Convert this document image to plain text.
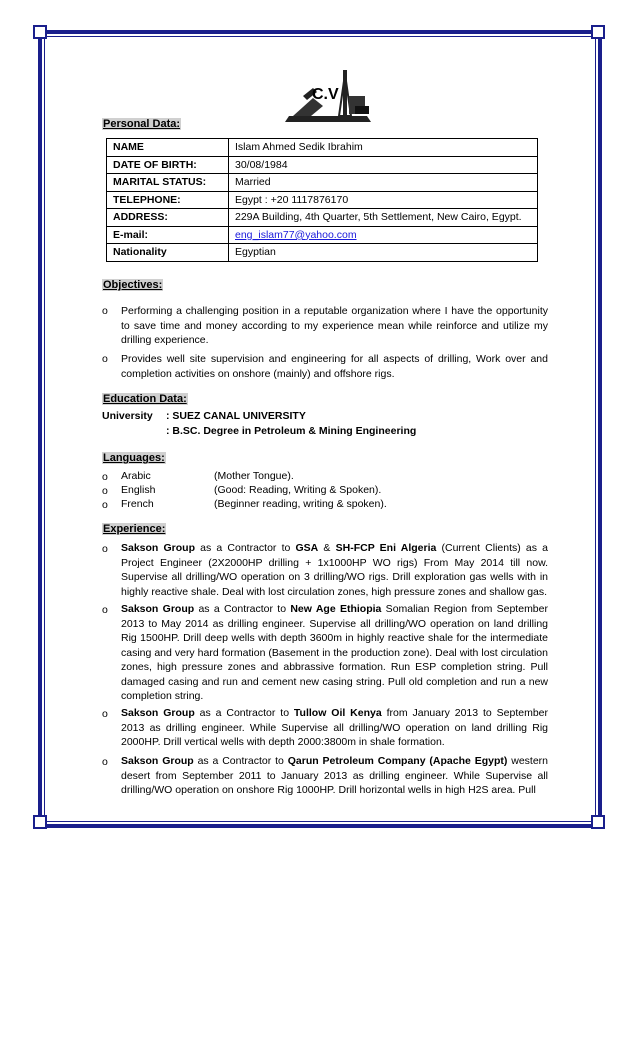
C.V
Personal Data:
NAME	Islam Ahmed Sedik Ibrahim
DATE OF BIRTH:	30/08/1984
MARITAL STATUS:	Married
TELEPHONE:	Egypt : +20 1117876170
ADDRESS:	229A Building, 4th Quarter, 5th Settlement, New Cairo, Egypt.
E-mail:	eng_islam77@yahoo.com
Nationality	Egyptian
Objectives:
o Performing a challenging position in a reputable organization where I have the opportunity to save time and money according to my experience mean while reinforce and utilize my drilling experience.
o Provides well site supervision and engineering for all aspects of drilling, Work over and completion activities on onshore (mainly) and offshore rigs.
Education Data:
University : SUEZ CANAL UNIVERSITY
: B.SC. Degree in Petroleum & Mining Engineering
Languages:
o Arabic	(Mother Tongue).
o English	(Good: Reading, Writing & Spoken).
o French	(Beginner reading, writing & spoken).
Experience:
o Sakson Group as a Contractor to GSA & SH-FCP Eni Algeria (Current Clients) as a Project Engineer (2X2000HP drilling + 1x1000HP WO rigs) From May 2014 till now. Supervise all drilling/WO operation on 3 drilling/WO rigs. Drill exploration gas wells with in highly reactive shale. Deal with lost circulation zones, high pressure zones and shallow gas.
o Sakson Group as a Contractor to New Age Ethiopia Somalian Region from September 2013 to May 2014 as drilling engineer. Supervise all drilling/WO operation on land drilling Rig 1500HP. Drill deep wells with depth 3600m in highly reactive shale for the intermediate casing and very hard formation (Basement in the production zone). Deal with lost circulation zones, high pressure zones and abbrassive formation. Run ESP completion string. Pull damaged casing and run and cement new casing string. Pull old completion and run a new completion string.
o Sakson Group as a Contractor to Tullow Oil Kenya from January 2013 to September 2013 as drilling engineer. While Supervise all drilling/WO operation on land drilling Rig 2000HP. Drill vertical wells with depth 2000:3800m in shale formation.
o Sakson Group as a Contractor to Qarun Petroleum Company (Apache Egypt) western desert from September 2011 to January 2013 as drilling engineer. While Supervise all drilling/WO operation on onshore Rig 1000HP. Drill horizontal wells in high H2S area. Pull
